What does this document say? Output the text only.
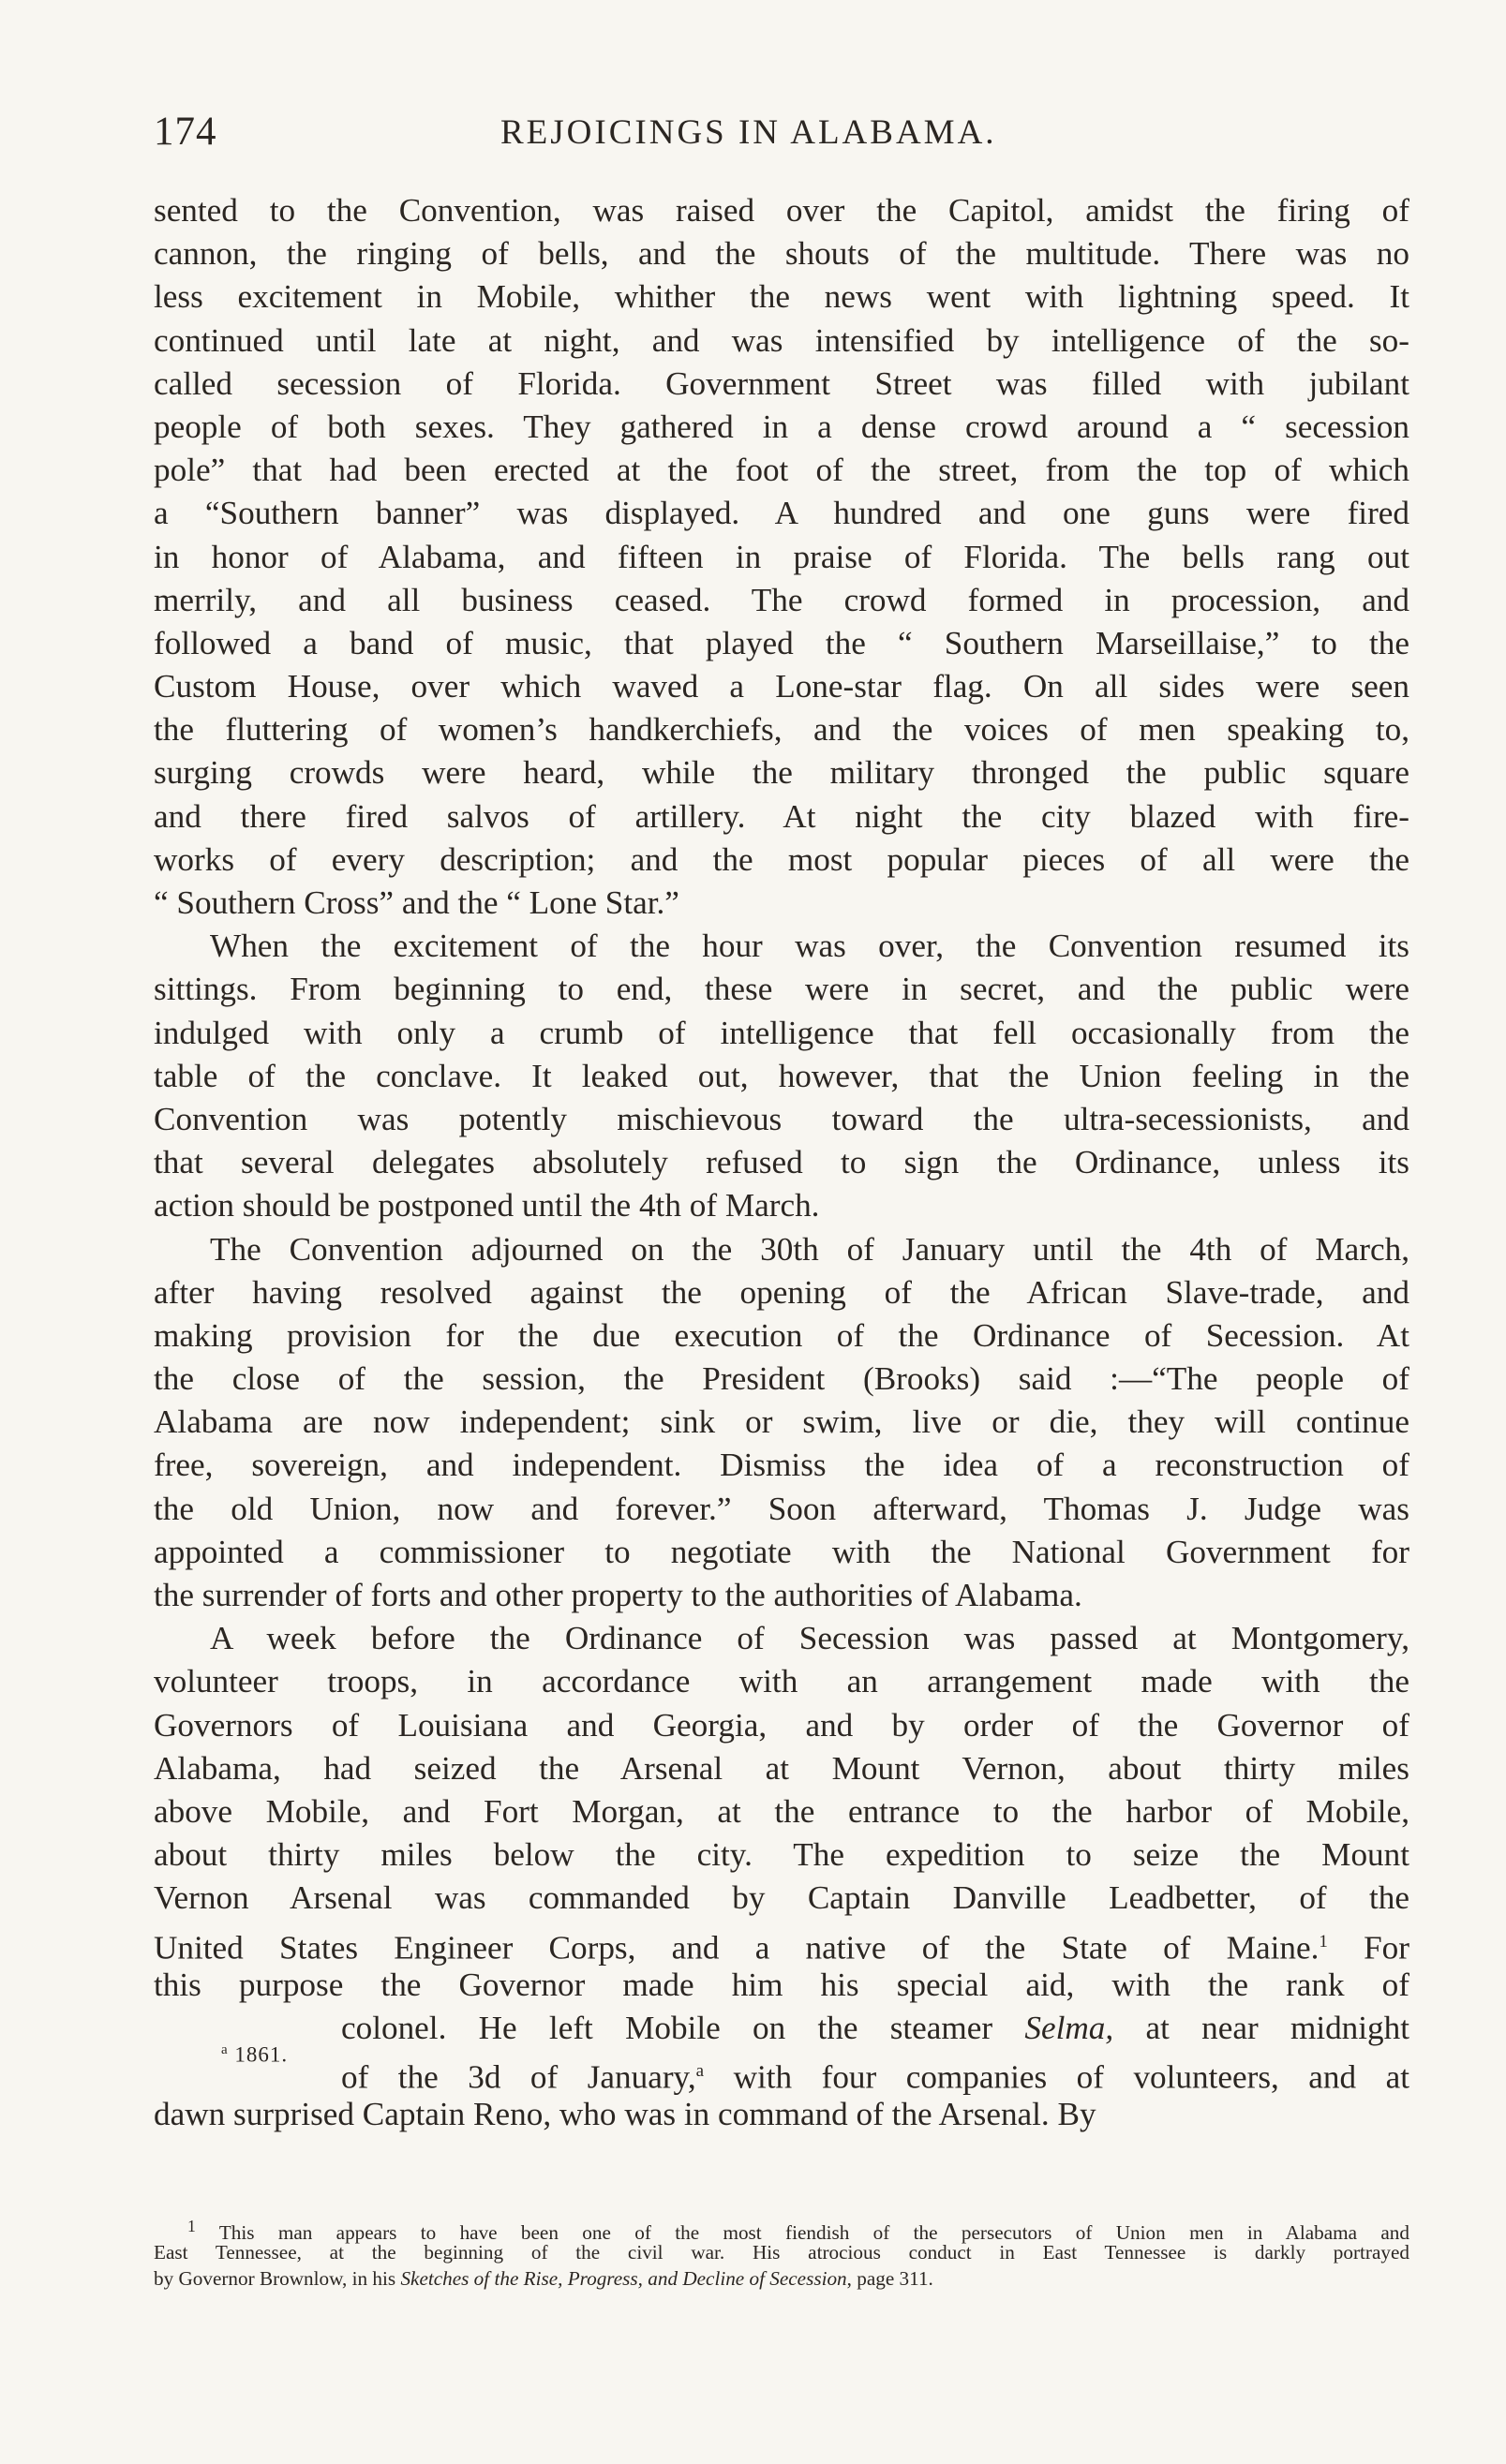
174	REJOICINGS IN ALABAMA.
sented to the Convention, was raised over the Capitol, amidst the firing of
cannon, the ringing of bells, and the shouts of the multitude. There was no
less excitement in Mobile, whither the news went with lightning speed. It
continued until late at night, and was intensified by intelligence of the so-
called secession of Florida. Government Street was filled with jubilant
people of both sexes. They gathered in a dense crowd around a “ secession
pole” that had been erected at the foot of the street, from the top of which
a “Southern banner” was displayed. A hundred and one guns were fired
in honor of Alabama, and fifteen in praise of Florida. The bells rang out
merrily, and all business ceased. The crowd formed in procession, and
followed a band of music, that played the “ Southern Marseillaise,” to the
Custom House, over which waved a Lone-star flag. On all sides were seen
the fluttering of women’s handkerchiefs, and the voices of men speaking to,
surging crowds were heard, while the military thronged the public square
and there fired salvos of artillery. At night the city blazed with fire-
works of every description; and the most popular pieces of all were the
“ Southern Cross” and the “ Lone Star.”
When the excitement of the hour was over, the Convention resumed its
sittings. From beginning to end, these were in secret, and the public were
indulged with only a crumb of intelligence that fell occasionally from the
table of the conclave. It leaked out, however, that the Union feeling in the
Convention was potently mischievous toward the ultra-secessionists, and
that several delegates absolutely refused to sign the Ordinance, unless its
action should be postponed until the 4th of March.
The Convention adjourned on the 30th of January until the 4th of March,
after having resolved against the opening of the African Slave-trade, and
making provision for the due execution of the Ordinance of Secession. At
the close of the session, the President (Brooks) said :—“The people of
Alabama are now independent; sink or swim, live or die, they will continue
free, sovereign, and independent. Dismiss the idea of a reconstruction of
the old Union, now and forever.” Soon afterward, Thomas J. Judge was
appointed a commissioner to negotiate with the National Government for
the surrender of forts and other property to the authorities of Alabama.
A week before the Ordinance of Secession was passed at Montgomery,
volunteer troops, in accordance with an arrangement made with the
Governors of Louisiana and Georgia, and by order of the Governor of
Alabama, had seized the Arsenal at Mount Vernon, about thirty miles
above Mobile, and Fort Morgan, at the entrance to the harbor of Mobile,
about thirty miles below the city. The expedition to seize the Mount
Vernon Arsenal was commanded by Captain Danville Leadbetter, of the
United States Engineer Corps, and a native of the State of Maine.$^1$ For
this purpose the Governor made him his special aid, with the rank of
colonel. He left Mobile on the steamer Selma, at near midnight
of the 3d of January,$^a$ with four companies of volunteers, and at
dawn surprised Captain Reno, who was in command of the Arsenal. By
$^a$ 1861.
$^1$ This man appears to have been one of the most fiendish of the persecutors of Union men in Alabama and
East Tennessee, at the beginning of the civil war. His atrocious conduct in East Tennessee is darkly portrayed
by Governor Brownlow, in his Sketches of the Rise, Progress, and Decline of Secession, page 311.
